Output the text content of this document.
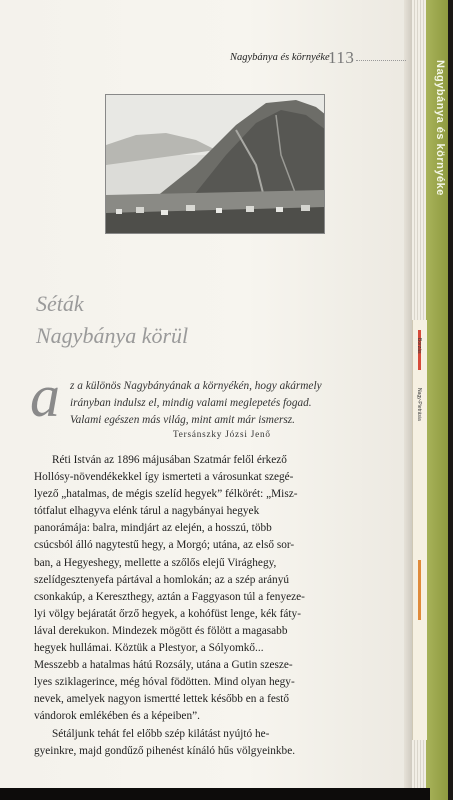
Nagybánya és környéke
Borzás
Nagy-Pietrásia
Nagybánya és környéke
113
Séták
Nagybánya körül
a z a különös Nagybányának a környékén, hogy akármely
irányban indulsz el, mindig valami meglepetés fogad.
Valami egészen más világ, mint amit már ismersz.
Tersánszky Józsi Jenő
Réti István az 1896 májusában Szatmár felől érkező
Hollósy-növendékekkel így ismerteti a városunkat szegé-
lyező „hatalmas, de mégis szelíd hegyek” félkörét: „Misz-
tótfalut elhagyva elénk tárul a nagybányai hegyek
panorámája: balra, mindjárt az elején, a hosszú, több
csúcsból álló nagytestű hegy, a Morgó; utána, az első sor-
ban, a Hegyeshegy, mellette a szőlős elejű Virághegy,
szelídgesztenyefa pártával a homlokán; az a szép arányú
csonkakúp, a Kereszthegy, aztán a Faggyason túl a fenyeze-
lyi völgy bejáratát őrző hegyek, a kohófüst lenge, kék fáty-
lával derekukon. Mindezek mögött és fölött a magasabb
hegyek hullámai. Köztük a Plestyor, a Sólyomkő...
Messzebb a hatalmas hátú Rozsály, utána a Gutin szesze-
lyes sziklagerince, még hóval födötten. Mind olyan hegy-
nevek, amelyek nagyon ismertté lettek később en a festő
vándorok emlékében és a képeiben”.
Sétáljunk tehát fel előbb szép kilátást nyújtó he-
gyeinkre, majd gondűző pihenést kínáló hűs völgyeinkbe.
